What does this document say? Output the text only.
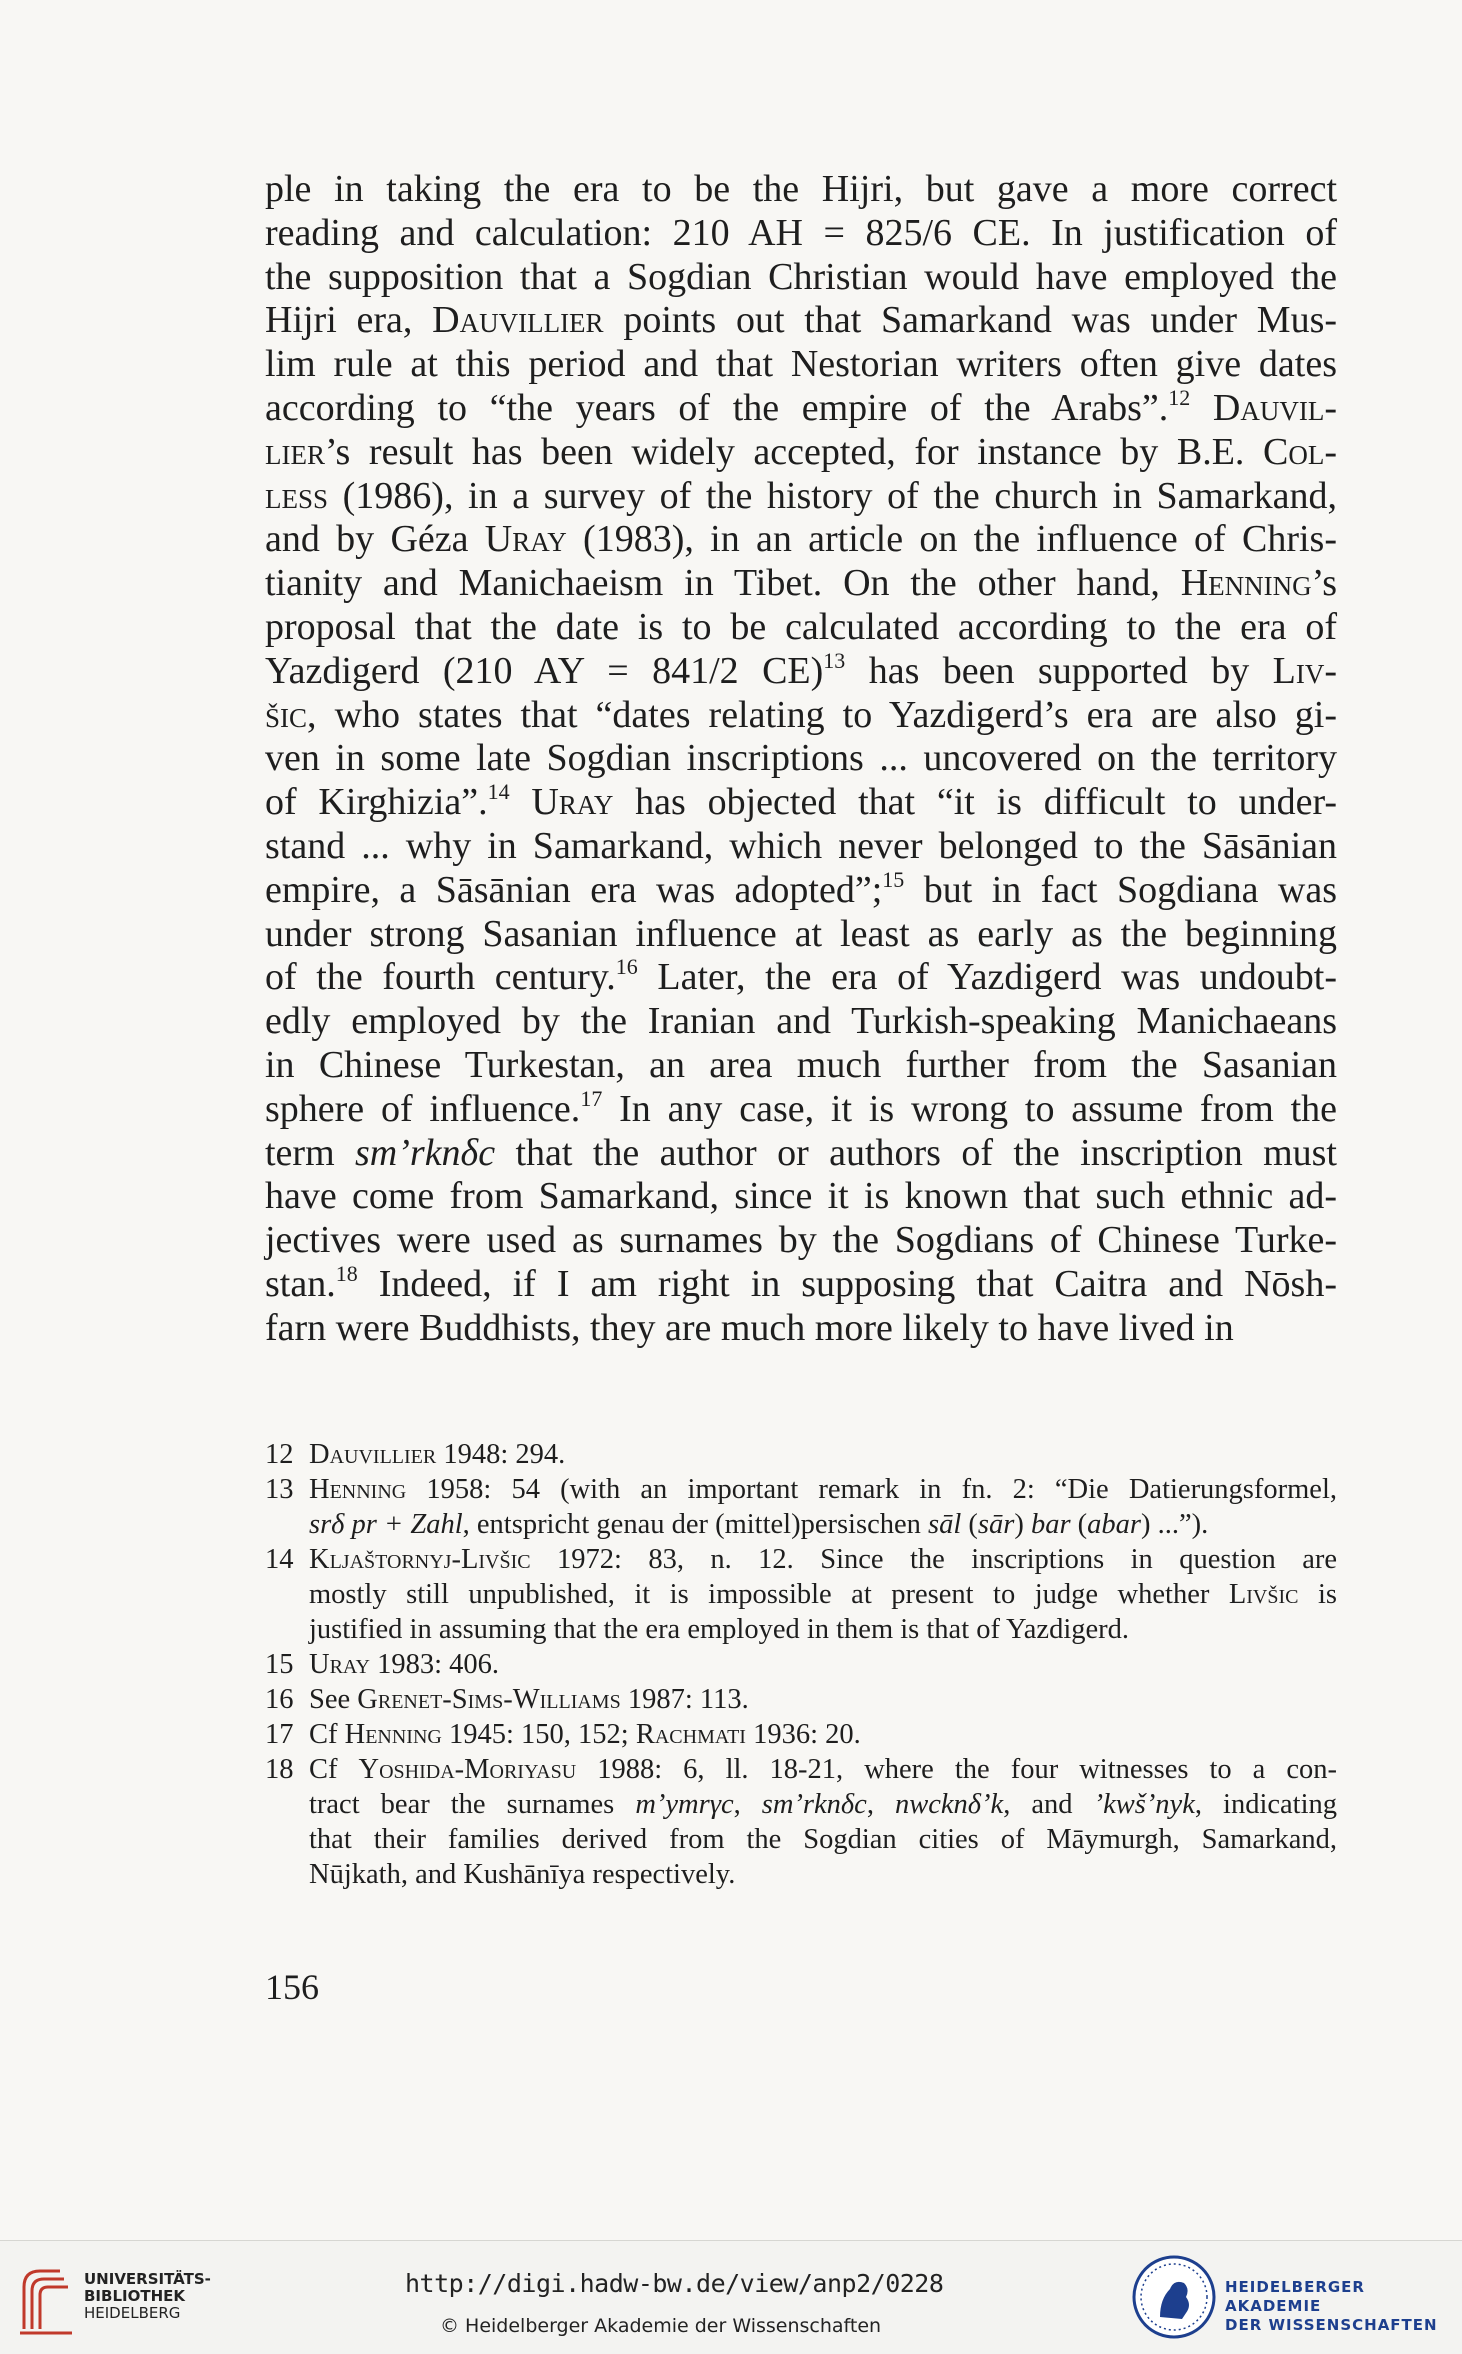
ple in taking the era to be the Hijri, but gave a more correct
reading and calculation: 210 AH = 825/6 CE. In justification of
the supposition that a Sogdian Christian would have employed the
Hijri era, Dauvillier points out that Samarkand was under Mus-
lim rule at this period and that Nestorian writers often give dates
according to “the years of the empire of the Arabs”.$^{12}$ Dauvil-
lier’s result has been widely accepted, for instance by B.E. Col-
less (1986), in a survey of the history of the church in Samarkand,
and by Géza Uray (1983), in an article on the influence of Chris-
tianity and Manichaeism in Tibet. On the other hand, Henning’s
proposal that the date is to be calculated according to the era of
Yazdigerd (210 AY = 841/2 CE)$^{13}$ has been supported by Liv-
šic, who states that “dates relating to Yazdigerd’s era are also gi-
ven in some late Sogdian inscriptions ... uncovered on the territory
of Kirghizia”.$^{14}$ Uray has objected that “it is difficult to under-
stand ... why in Samarkand, which never belonged to the Sāsānian
empire, a Sāsānian era was adopted”;$^{15}$ but in fact Sogdiana was
under strong Sasanian influence at least as early as the beginning
of the fourth century.$^{16}$ Later, the era of Yazdigerd was undoubt-
edly employed by the Iranian and Turkish-speaking Manichaeans
in Chinese Turkestan, an area much further from the Sasanian
sphere of influence.$^{17}$ In any case, it is wrong to assume from the
term sm’rknδc that the author or authors of the inscription must
have come from Samarkand, since it is known that such ethnic ad-
jectives were used as surnames by the Sogdians of Chinese Turke-
stan.$^{18}$ Indeed, if I am right in supposing that Caitra and Nōsh-
farn were Buddhists, they are much more likely to have lived in
12 Dauvillier 1948: 294.
13 Henning 1958: 54 (with an important remark in fn. 2: “Die Datierungsformel,
srδ pr + Zahl, entspricht genau der (mittel)persischen sāl (sār) bar (abar) ...”).
14 Kljaštornyj-Livšic 1972: 83, n. 12. Since the inscriptions in question are
mostly still unpublished, it is impossible at present to judge whether Livšic is
justified in assuming that the era employed in them is that of Yazdigerd.
15 Uray 1983: 406.
16 See Grenet-Sims-Williams 1987: 113.
17 Cf Henning 1945: 150, 152; Rachmati 1936: 20.
18 Cf Yoshida-Moriyasu 1988: 6, ll. 18-21, where the four witnesses to a con-
tract bear the surnames m’ymrγc, sm’rknδc, nwcknδ’k, and ’kwš’nyk, indicating
that their families derived from the Sogdian cities of Māymurgh, Samarkand,
Nūjkath, and Kushānīya respectively.
156
UNIVERSITÄTS-
BIBLIOTHEK
HEIDELBERG
http://digi.hadw-bw.de/view/anp2/0228
© Heidelberger Akademie der Wissenschaften
HEIDELBERGER AKADEMIE
DER WISSENSCHAFTEN
